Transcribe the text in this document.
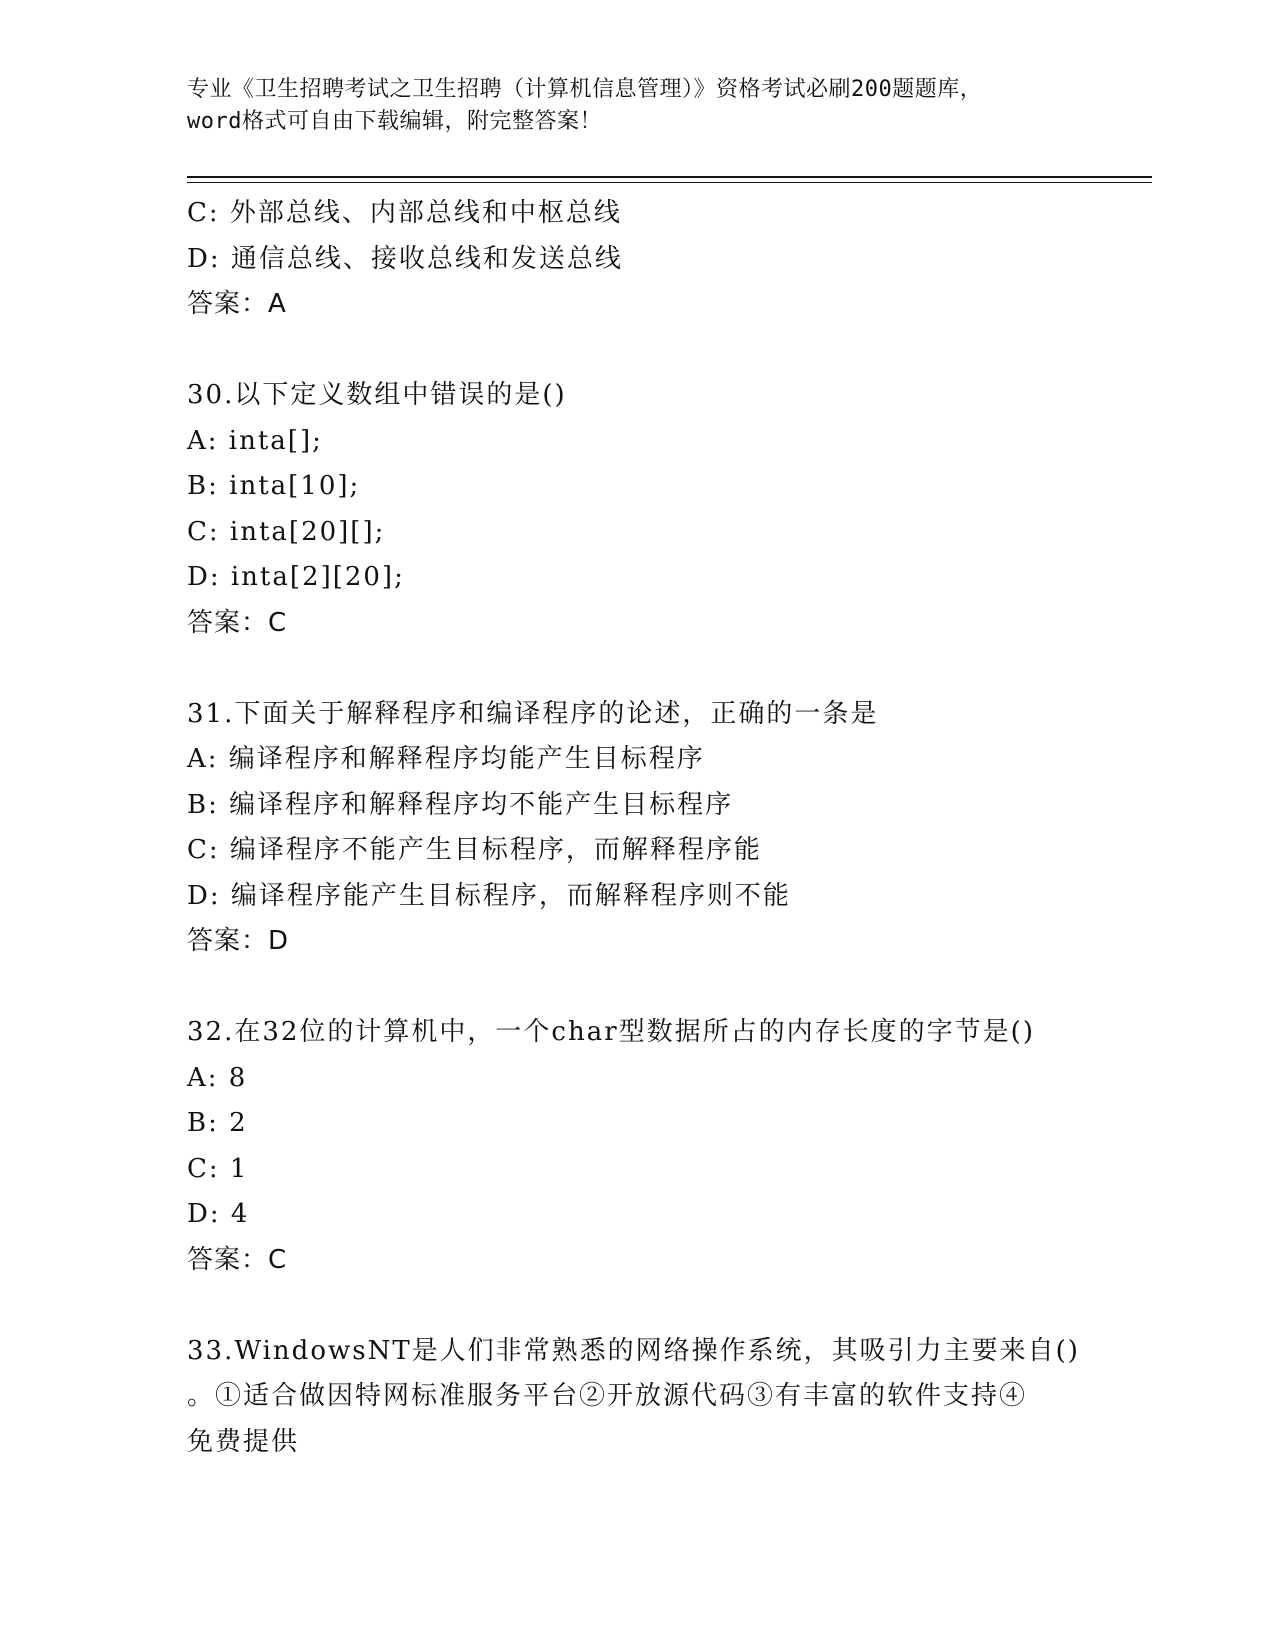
专业《卫生招聘考试之卫生招聘（计算机信息管理）》资格考试必刷200题题库，
word格式可自由下载编辑，附完整答案！
C: 外部总线、内部总线和中枢总线
D: 通信总线、接收总线和发送总线
答案：A
30.以下定义数组中错误的是()
A: inta[];
B: inta[10];
C: inta[20][];
D: inta[2][20];
答案：C
31.下面关于解释程序和编译程序的论述，正确的一条是
A: 编译程序和解释程序均能产生目标程序
B: 编译程序和解释程序均不能产生目标程序
C: 编译程序不能产生目标程序，而解释程序能
D: 编译程序能产生目标程序，而解释程序则不能
答案：D
32.在32位的计算机中，一个char型数据所占的内存长度的字节是()
A: 8
B: 2
C: 1
D: 4
答案：C
33.WindowsNT是人们非常熟悉的网络操作系统，其吸引力主要来自()
。①适合做因特网标准服务平台②开放源代码③有丰富的软件支持④
免费提供
